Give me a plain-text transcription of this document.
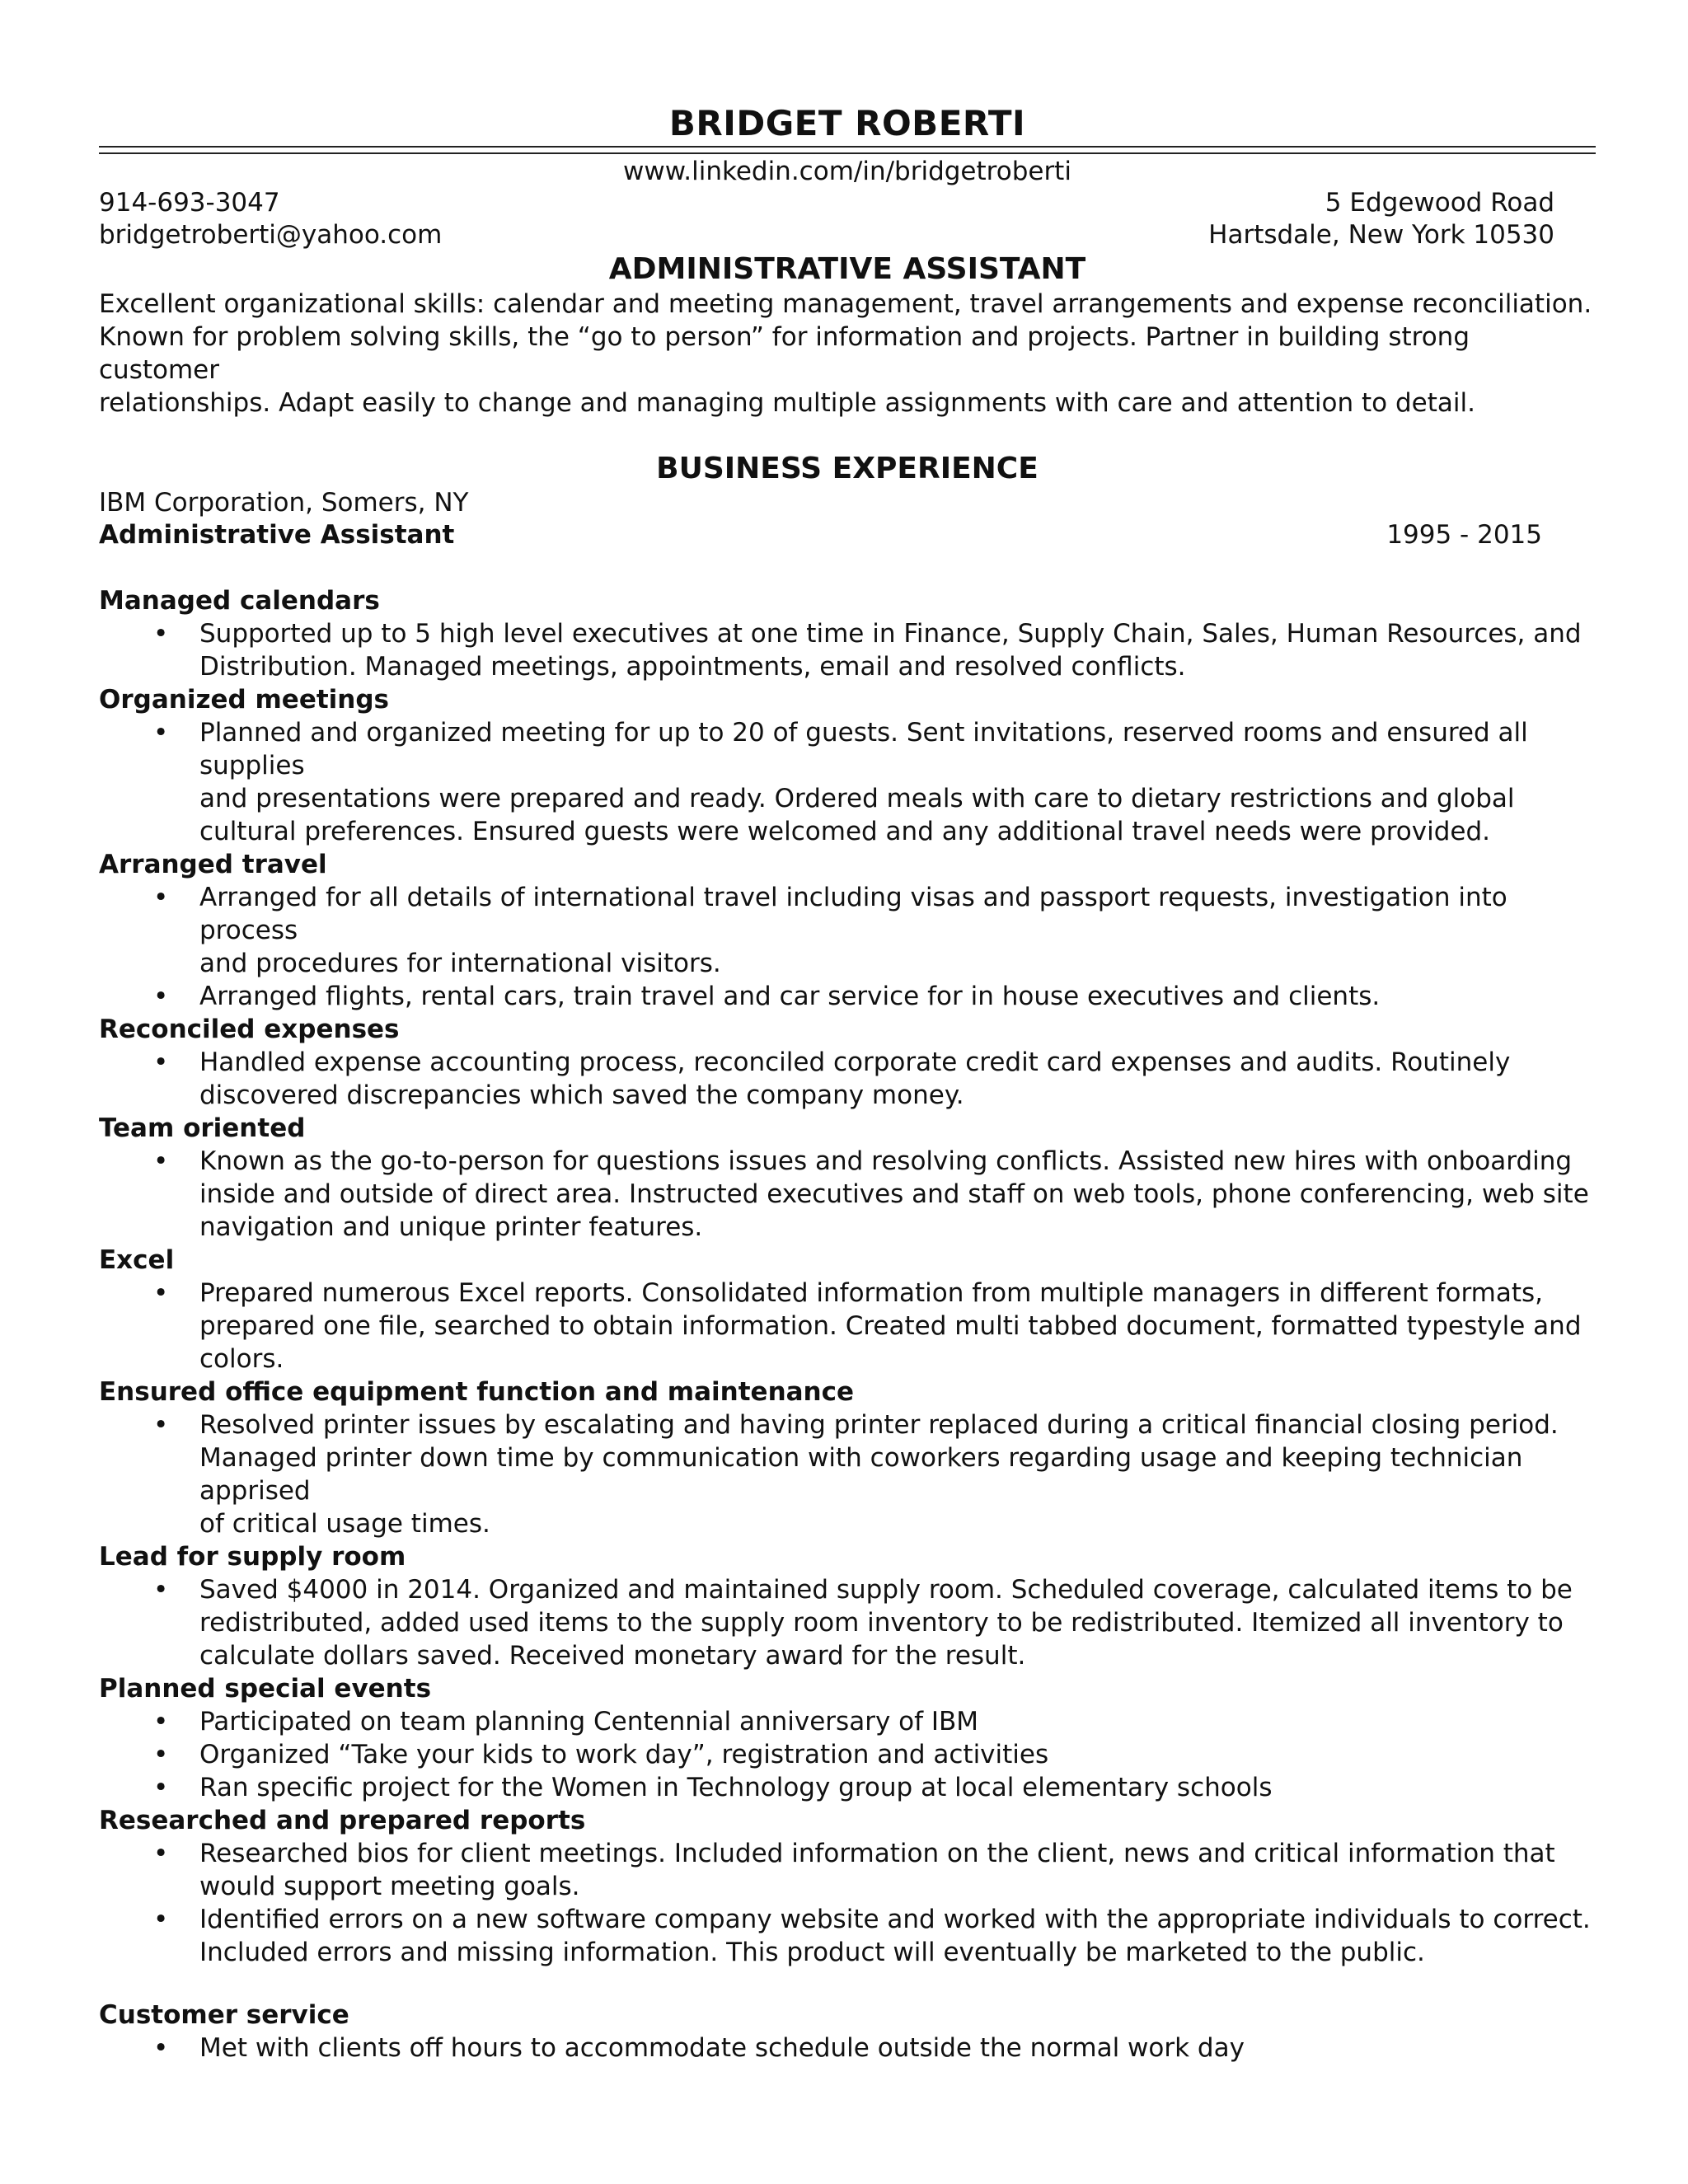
BRIDGET ROBERTI
www.linkedin.com/in/bridgetroberti
914-693-3047	5 Edgewood Road
bridgetroberti@yahoo.com	Hartsdale, New York 10530
ADMINISTRATIVE ASSISTANT
Excellent organizational skills: calendar and meeting management, travel arrangements and expense reconciliation.
Known for problem solving skills, the “go to person” for information and projects. Partner in building strong customer
relationships. Adapt easily to change and managing multiple assignments with care and attention to detail.
BUSINESS EXPERIENCE
IBM Corporation, Somers, NY
Administrative Assistant	1995 - 2015
Managed calendars
• Supported up to 5 high level executives at one time in Finance, Supply Chain, Sales, Human Resources, and
Distribution. Managed meetings, appointments, email and resolved conflicts.
Organized meetings
• Planned and organized meeting for up to 20 of guests. Sent invitations, reserved rooms and ensured all supplies
and presentations were prepared and ready. Ordered meals with care to dietary restrictions and global
cultural preferences. Ensured guests were welcomed and any additional travel needs were provided.
Arranged travel
• Arranged for all details of international travel including visas and passport requests, investigation into process
and procedures for international visitors.
• Arranged flights, rental cars, train travel and car service for in house executives and clients.
Reconciled expenses
• Handled expense accounting process, reconciled corporate credit card expenses and audits. Routinely
discovered discrepancies which saved the company money.
Team oriented
• Known as the go-to-person for questions issues and resolving conflicts. Assisted new hires with onboarding
inside and outside of direct area. Instructed executives and staff on web tools, phone conferencing, web site
navigation and unique printer features.
Excel
• Prepared numerous Excel reports. Consolidated information from multiple managers in different formats,
prepared one file, searched to obtain information. Created multi tabbed document, formatted typestyle and
colors.
Ensured office equipment function and maintenance
• Resolved printer issues by escalating and having printer replaced during a critical financial closing period.
Managed printer down time by communication with coworkers regarding usage and keeping technician apprised
of critical usage times.
Lead for supply room
• Saved $4000 in 2014. Organized and maintained supply room. Scheduled coverage, calculated items to be
redistributed, added used items to the supply room inventory to be redistributed. Itemized all inventory to
calculate dollars saved. Received monetary award for the result.
Planned special events
• Participated on team planning Centennial anniversary of IBM
• Organized “Take your kids to work day”, registration and activities
• Ran specific project for the Women in Technology group at local elementary schools
Researched and prepared reports
• Researched bios for client meetings. Included information on the client, news and critical information that
would support meeting goals.
• Identified errors on a new software company website and worked with the appropriate individuals to correct.
Included errors and missing information. This product will eventually be marketed to the public.
Customer service
• Met with clients off hours to accommodate schedule outside the normal work day
